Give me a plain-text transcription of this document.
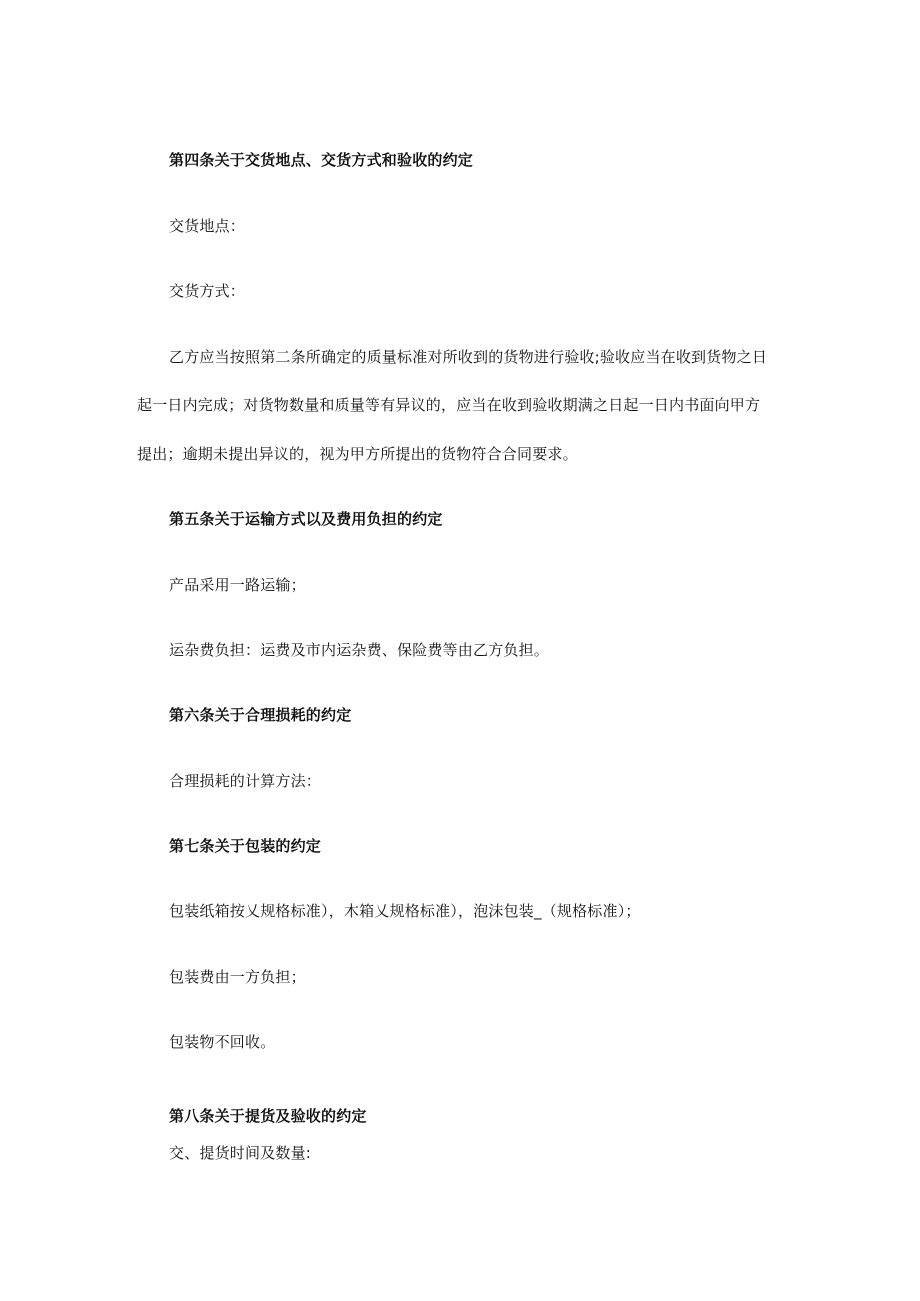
第四条关于交货地点、交货方式和验收的约定
交货地点：
交货方式：
乙方应当按照第二条所确定的质量标准对所收到的货物进行验收;验收应当在收到货物之日
起一日内完成；对货物数量和质量等有异议的，应当在收到验收期满之日起一日内书面向甲方
提出；逾期未提出异议的，视为甲方所提出的货物符合合同要求。
第五条关于运输方式以及费用负担的约定
产品采用一路运输；
运杂费负担：运费及市内运杂费、保险费等由乙方负担。
第六条关于合理损耗的约定
合理损耗的计算方法：
第七条关于包装的约定
包装纸箱按乂规格标准），木箱乂规格标准），泡沫包装_（规格标准）；
包装费由一方负担；
包装物不回收。
第八条关于提货及验收的约定
交、提货时间及数量:
